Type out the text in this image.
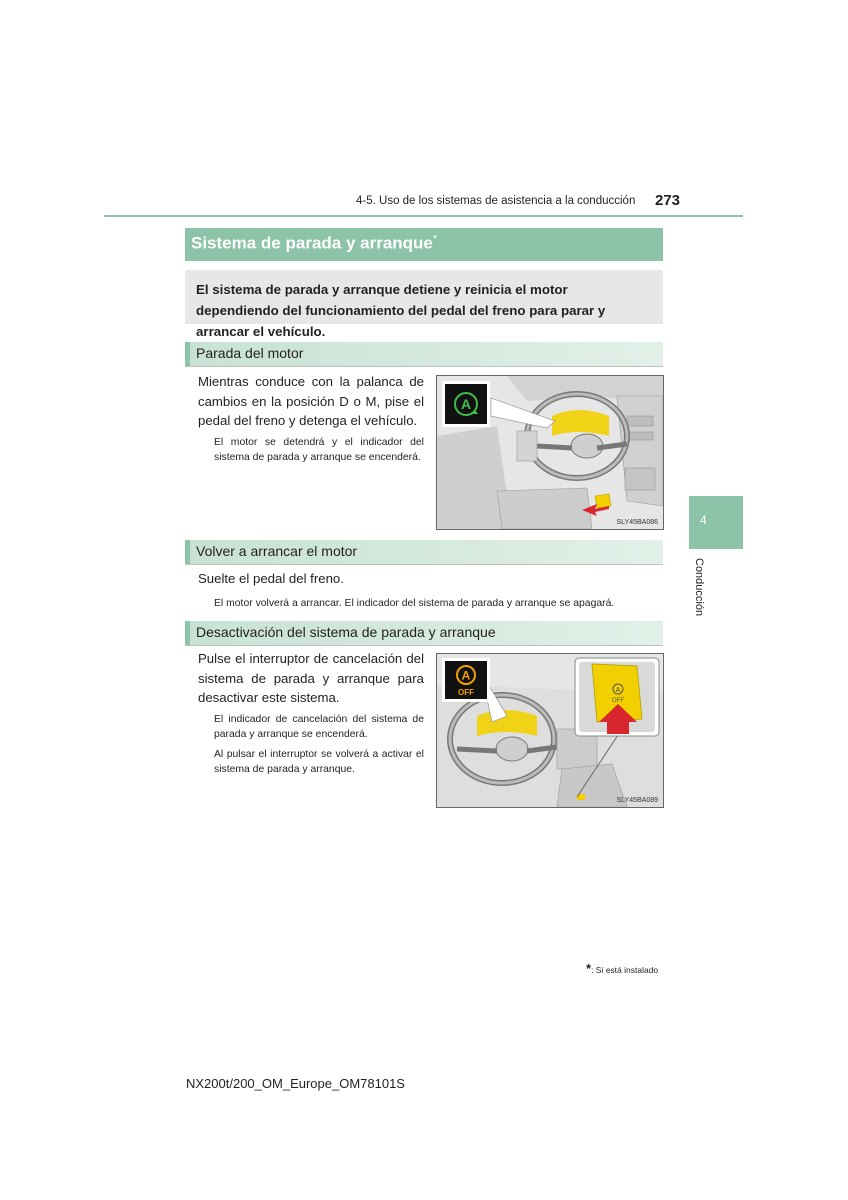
4-5. Uso de los sistemas de asistencia a la conducción 273
Sistema de parada y arranque*
El sistema de parada y arranque detiene y reinicia el motor dependiendo del funcionamiento del pedal del freno para parar y arrancar el vehículo.
Parada del motor
Mientras conduce con la palanca de cambios en la posición D o M, pise el pedal del freno y detenga el vehículo.
El motor se detendrá y el indicador del sistema de parada y arranque se encenderá.
A
SLY45BA086
Volver a arrancar el motor
Suelte el pedal del freno.
El motor volverá a arrancar. El indicador del sistema de parada y arranque se apagará.
Desactivación del sistema de parada y arranque
Pulse el interruptor de cancelación del sistema de parada y arranque para desactivar este sistema.
El indicador de cancelación del sistema de parada y arranque se encenderá.
Al pulsar el interruptor se volverá a activar el sistema de parada y arranque.
A
OFF
A
OFF
SLY45BA089
4
Conducción
*: Si está instalado
NX200t/200_OM_Europe_OM78101S
